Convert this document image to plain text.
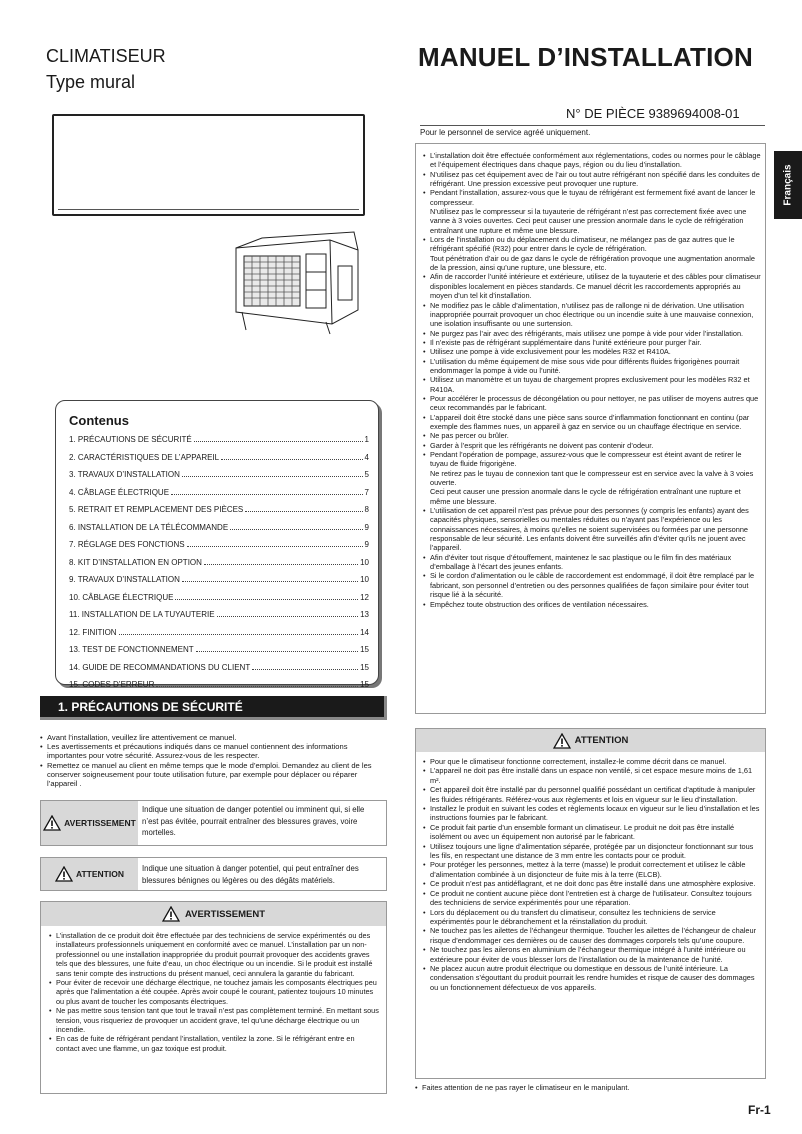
CLIMATISEUR
Type mural
MANUEL D’INSTALLATION
N° DE PIÈCE 9389694008-01
Pour le personnel de service agréé uniquement.
Français
Contenus
1. PRÉCAUTIONS DE SÉCURITÉ	1
2. CARACTÉRISTIQUES DE L’APPAREIL	4
3. TRAVAUX D’INSTALLATION	5
4. CÂBLAGE ÉLECTRIQUE	7
5. RETRAIT ET REMPLACEMENT DES PIÈCES	8
6. INSTALLATION DE LA TÉLÉCOMMANDE	9
7. RÉGLAGE DES FONCTIONS	9
8. KIT D’INSTALLATION EN OPTION	10
9. TRAVAUX D’INSTALLATION	10
10. CÂBLAGE ÉLECTRIQUE	12
11. INSTALLATION DE LA TUYAUTERIE	13
12. FINITION	14
13. TEST DE FONCTIONNEMENT	15
14. GUIDE DE RECOMMANDATIONS DU CLIENT	15
15. CODES D’ERREUR	15
1. PRÉCAUTIONS DE SÉCURITÉ
• Avant l’installation, veuillez lire attentivement ce manuel.
• Les avertissements et précautions indiqués dans ce manuel contiennent des informations importantes pour votre sécurité. Assurez-vous de les respecter.
• Remettez ce manuel au client en même temps que le mode d’emploi. Demandez au client de les conserver soigneusement pour toute utilisation future, par exemple pour déplacer ou réparer l’appareil .
AVERTISSEMENT
Indique une situation de danger potentiel ou imminent qui, si elle n’est pas évitée, pourrait entraîner des blessures graves, voire mortelles.
ATTENTION
Indique une situation à danger potentiel, qui peut entraîner des blessures bénignes ou légères ou des dégâts matériels.
AVERTISSEMENT
• L’installation de ce produit doit être effectuée par des techniciens de service expérimentés ou des installateurs professionnels uniquement en conformité avec ce manuel. L’installation par un non-professionnel ou une installation inappropriée du produit pourrait provoquer des accidents graves tels que des blessures, une fuite d’eau, un choc électrique ou un incendie. Si le produit est installé sans tenir compte des instructions du présent manuel, ceci annulera la garantie du fabricant.
• Pour éviter de recevoir une décharge électrique, ne touchez jamais les composants électriques peu après que l’alimentation a été coupée. Après avoir coupé le courant, patientez toujours 10 minutes ou plus avant de toucher les composants électriques.
• Ne pas mettre sous tension tant que tout le travail n’est pas complètement terminé. En mettant sous tension, vous risqueriez de provoquer un accident grave, tel qu’une décharge électrique ou un incendie.
• En cas de fuite de réfrigérant pendant l’installation, ventilez la zone. Si le réfrigérant entre en contact avec une flamme, un gaz toxique est produit.
• L’installation doit être effectuée conformément aux réglementations, codes ou normes pour le câblage et l’équipement électriques dans chaque pays, région ou du lieu d’installation.
• N’utilisez pas cet équipement avec de l’air ou tout autre réfrigérant non spécifié dans les conduites de réfrigérant. Une pression excessive peut provoquer une rupture.
• Pendant l’installation, assurez-vous que le tuyau de réfrigérant est fermement fixé avant de lancer le compresseur.
N’utilisez pas le compresseur si la tuyauterie de réfrigérant n’est pas correctement fixée avec une vanne à 3 voies ouvertes. Ceci peut causer une pression anormale dans le cycle de réfrigération entraînant une rupture et même une blessure.
• Lors de l’installation ou du déplacement du climatiseur, ne mélangez pas de gaz autres que le réfrigérant spécifié (R32) pour entrer dans le cycle de réfrigération.
Tout pénétration d’air ou de gaz dans le cycle de réfrigération provoque une augmentation anormale de la pression, ainsi qu’une rupture, une blessure, etc.
• Afin de raccorder l’unité intérieure et extérieure, utilisez de la tuyauterie et des câbles pour climatiseur disponibles localement en pièces standards. Ce manuel décrit les raccordements appropriés au moyen d’un tel kit d’installation.
• Ne modifiez pas le câble d’alimentation, n’utilisez pas de rallonge ni de dérivation. Une utilisation inappropriée pourrait provoquer un choc électrique ou un incendie suite à une mauvaise connexion, une isolation insuffisante ou une surtension.
• Ne purgez pas l’air avec des réfrigérants, mais utilisez une pompe à vide pour vider l’installation.
• Il n’existe pas de réfrigérant supplémentaire dans l’unité extérieure pour purger l’air.
• Utilisez une pompe à vide exclusivement pour les modèles R32 et R410A.
• L’utilisation du même équipement de mise sous vide pour différents fluides frigorigènes pourrait endommager la pompe à vide ou l’unité.
• Utilisez un manomètre et un tuyau de chargement propres exclusivement pour les modèles R32 et R410A.
• Pour accélérer le processus de décongélation ou pour nettoyer, ne pas utiliser de moyens autres que ceux recommandés par le fabricant.
• L’appareil doit être stocké dans une pièce sans source d’inflammation fonctionnant en continu (par exemple des flammes nues, un appareil à gaz en service ou un chauffage électrique en service.
• Ne pas percer ou brûler.
• Garder à l’esprit que les réfrigérants ne doivent pas contenir d’odeur.
• Pendant l’opération de pompage, assurez-vous que le compresseur est éteint avant de retirer le tuyau de fluide frigorigène.
Ne retirez pas le tuyau de connexion tant que le compresseur est en service avec la valve à 3 voies ouverte.
Ceci peut causer une pression anormale dans le cycle de réfrigération entraînant une rupture et même une blessure.
• L’utilisation de cet appareil n’est pas prévue pour des personnes (y compris les enfants) ayant des capacités physiques, sensorielles ou mentales réduites ou n’ayant pas l’expérience ou les connaissances nécessaires, à moins qu’elles ne soient supervisées ou formées par une personne responsable de leur sécurité. Les enfants doivent être surveillés afin d’éviter qu’ils ne jouent avec l’appareil.
• Afin d’éviter tout risque d’étouffement, maintenez le sac plastique ou le film fin des matériaux d’emballage à l’écart des jeunes enfants.
• Si le cordon d’alimentation ou le câble de raccordement est endommagé, il doit être remplacé par le fabricant, son personnel d’entretien ou des personnes qualifiées de façon similaire pour éviter tout risque lié à la sécurité.
• Empêchez toute obstruction des orifices de ventilation nécessaires.
ATTENTION
• Pour que le climatiseur fonctionne correctement, installez-le comme décrit dans ce manuel.
• L’appareil ne doit pas être installé dans un espace non ventilé, si cet espace mesure moins de 1,61 m².
• Cet appareil doit être installé par du personnel qualifié possédant un certificat d’aptitude à manipuler les fluides réfrigérants. Référez-vous aux règlements et lois en vigueur sur le lieu d’installation.
• Installez le produit en suivant les codes et règlements locaux en vigueur sur le lieu d’installation et les instructions fournies par le fabricant.
• Ce produit fait partie d’un ensemble formant un climatiseur. Le produit ne doit pas être installé isolément ou avec un équipement non autorisé par le fabricant.
• Utilisez toujours une ligne d’alimentation séparée, protégée par un disjoncteur fonctionnant sur tous les fils, en respectant une distance de 3 mm entre les contacts pour ce produit.
• Pour protéger les personnes, mettez à la terre (masse) le produit correctement et utilisez le câble d’alimentation combinée à un disjoncteur de fuite mis à la terre (ELCB).
• Ce produit n’est pas antidéflagrant, et ne doit donc pas être installé dans une atmosphère explosive.
• Ce produit ne contient aucune pièce dont l’entretien est à charge de l’utilisateur. Consultez toujours des techniciens de service expérimentés pour une réparation.
• Lors du déplacement ou du transfert du climatiseur, consultez les techniciens de service expérimentés pour le débranchement et la réinstallation du produit.
• Ne touchez pas les ailettes de l’échangeur thermique. Toucher les ailettes de l’échangeur de chaleur risque d’endommager ces dernières ou de causer des dommages corporels tels qu’une coupure.
• Ne touchez pas les ailerons en aluminium de l’échangeur thermique intégré à l’unité intérieure ou extérieure pour éviter de vous blesser lors de l’installation ou de la maintenance de l’unité.
• Ne placez aucun autre produit électrique ou domestique en dessous de l’unité intérieure. La condensation s’égouttant du produit pourrait les rendre humides et risque de causer des dommages ou un fonctionnement défectueux de vos appareils.
• Faites attention de ne pas rayer le climatiseur en le manipulant.
Fr-1
